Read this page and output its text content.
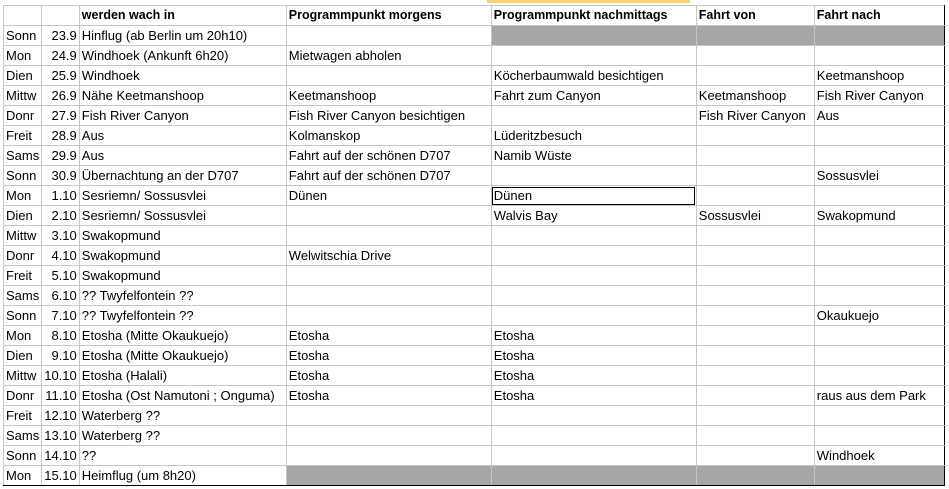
		werden wach in	Programmpunkt morgens	Programmpunkt nachmittags	Fahrt von	Fahrt nach
Sonn	23.9	Hinflug (ab Berlin um 20h10)				
Mon	24.9	Windhoek (Ankunft 6h20)	Mietwagen abholen			
Dien	25.9	Windhoek		Köcherbaumwald besichtigen		Keetmanshoop
Mittw	26.9	Nähe Keetmanshoop	Keetmanshoop	Fahrt zum Canyon	Keetmanshoop	Fish River Canyon
Donr	27.9	Fish River Canyon	Fish River Canyon besichtigen		Fish River Canyon	Aus
Freit	28.9	Aus	Kolmanskop	Lüderitzbesuch		
Sams	29.9	Aus	Fahrt auf der schönen D707	Namib Wüste		
Sonn	30.9	Übernachtung an der D707	Fahrt auf der schönen D707			Sossusvlei
Mon	1.10	Sesriemn/ Sossusvlei	Dünen	Dünen		
Dien	2.10	Sesriemn/ Sossusvlei		Walvis Bay	Sossusvlei	Swakopmund
Mittw	3.10	Swakopmund				
Donr	4.10	Swakopmund	Welwitschia Drive			
Freit	5.10	Swakopmund				
Sams	6.10	?? Twyfelfontein ??				
Sonn	7.10	?? Twyfelfontein ??				Okaukuejo
Mon	8.10	Etosha (Mitte Okaukuejo)	Etosha	Etosha		
Dien	9.10	Etosha (Mitte Okaukuejo)	Etosha	Etosha		
Mittw	10.10	Etosha (Halali)	Etosha	Etosha		
Donr	11.10	Etosha (Ost Namutoni ; Onguma)	Etosha	Etosha		raus aus dem Park
Freit	12.10	Waterberg ??				
Sams	13.10	Waterberg ??				
Sonn	14.10	??				Windhoek
Mon	15.10	Heimflug (um 8h20)				
